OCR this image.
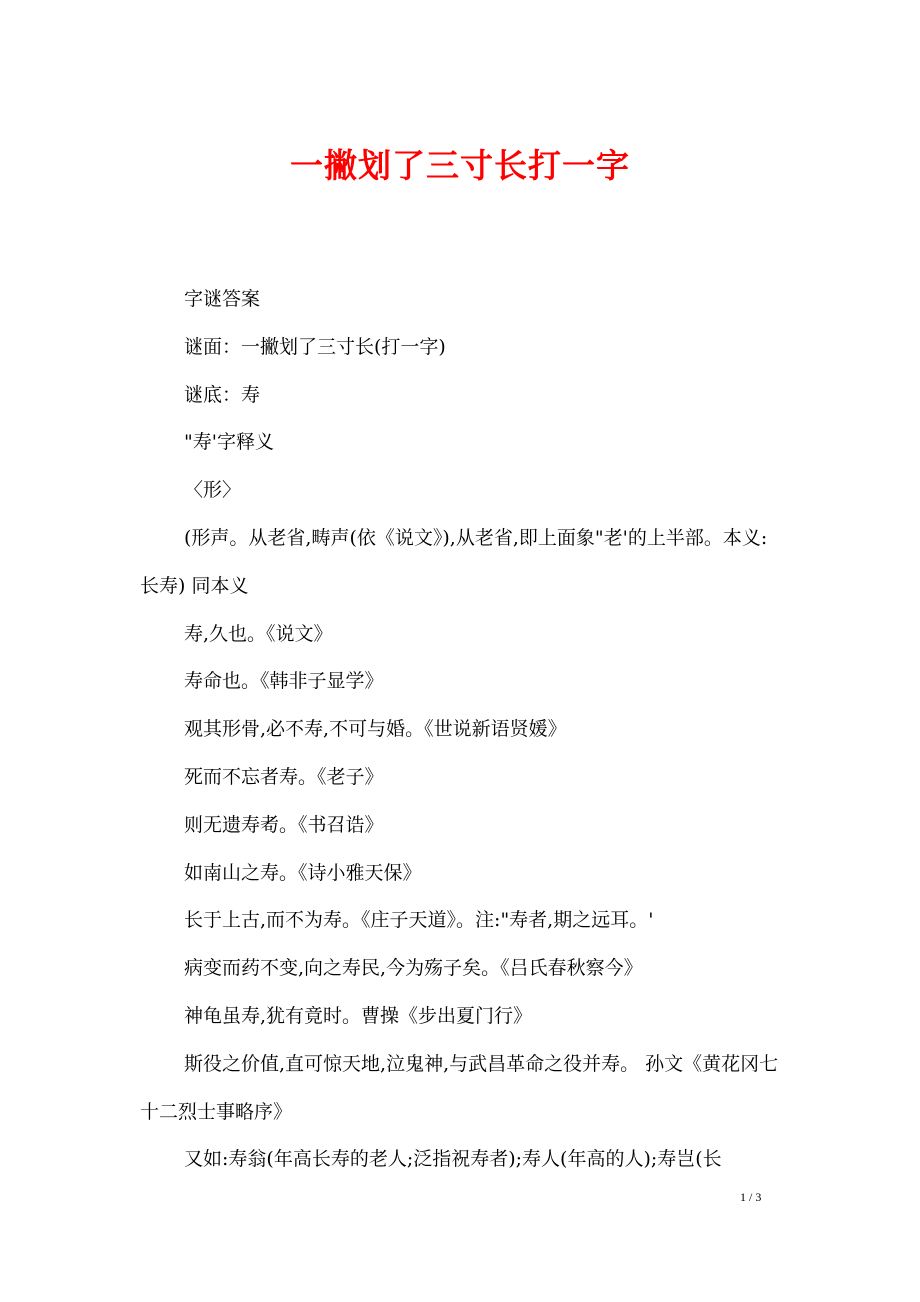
一撇划了三寸长打一字

字谜答案

谜面：一撇划了三寸长(打一字)

谜底：寿

"寿'字释义

〈形〉

(形声。从老省,畴声(依《说文》),从老省,即上面象"老'的上半部。本义:长寿) 同本义

寿,久也。《说文》

寿命也。《韩非子显学》

观其形骨,必不寿,不可与婚。《世说新语贤媛》

死而不忘者寿。《老子》

则无遗寿耇。《书召诰》

如南山之寿。《诗小雅天保》

长于上古,而不为寿。《庄子天道》。注:"寿者,期之远耳。'

病变而药不变,向之寿民,今为殇子矣。《吕氏春秋察今》

神龟虽寿,犹有竟时。曹操《步出夏门行》

斯役之价值,直可惊天地,泣鬼神,与武昌革命之役并寿。 孙文《黄花冈七十二烈士事略序》

又如:寿翁(年高长寿的老人;泛指祝寿者);寿人(年高的人);寿岂(长

1 / 3
